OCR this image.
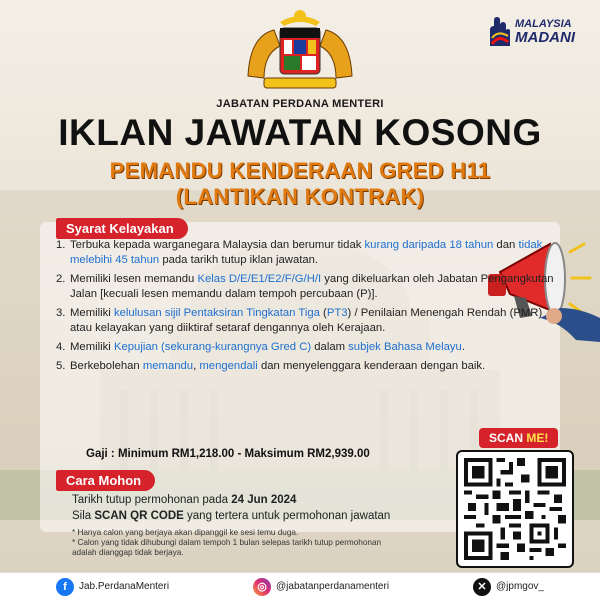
MALAYSIA
MADANI
JABATAN PERDANA MENTERI
IKLAN JAWATAN KOSONG
PEMANDU KENDERAAN GRED H11
(LANTIKAN KONTRAK)
Syarat Kelayakan
1. Terbuka kepada warganegara Malaysia dan berumur tidak kurang daripada 18 tahun dan tidak melebihi 45 tahun pada tarikh tutup iklan jawatan.
2. Memiliki lesen memandu Kelas D/E/E1/E2/F/G/H/I yang dikeluarkan oleh Jabatan Pengangkutan Jalan [kecuali lesen memandu dalam tempoh percubaan (P)].
3. Memiliki kelulusan sijil Pentaksiran Tingkatan Tiga (PT3) / Penilaian Menengah Rendah (PMR) atau kelayakan yang diiktiraf setaraf dengannya oleh Kerajaan.
4. Memiliki Kepujian (sekurang-kurangnya Gred C) dalam subjek Bahasa Melayu.
5. Berkebolehan memandu, mengendali dan menyelenggara kenderaan dengan baik.
Gaji : Minimum RM1,218.00 - Maksimum RM2,939.00
Cara Mohon
Tarikh tutup permohonan pada 24 Jun 2024
Sila SCAN QR CODE yang tertera untuk permohonan jawatan
* Hanya calon yang berjaya akan dipanggil ke sesi temu duga.
* Calon yang tidak dihubungi dalam tempoh 1 bulan selepas tarikh tutup permohonan adalah dianggap tidak berjaya.
SCAN ME!
f	Jab.PerdanaMenteri	◎ @jabatanperdanamenteri	✕ @jpmgov_
